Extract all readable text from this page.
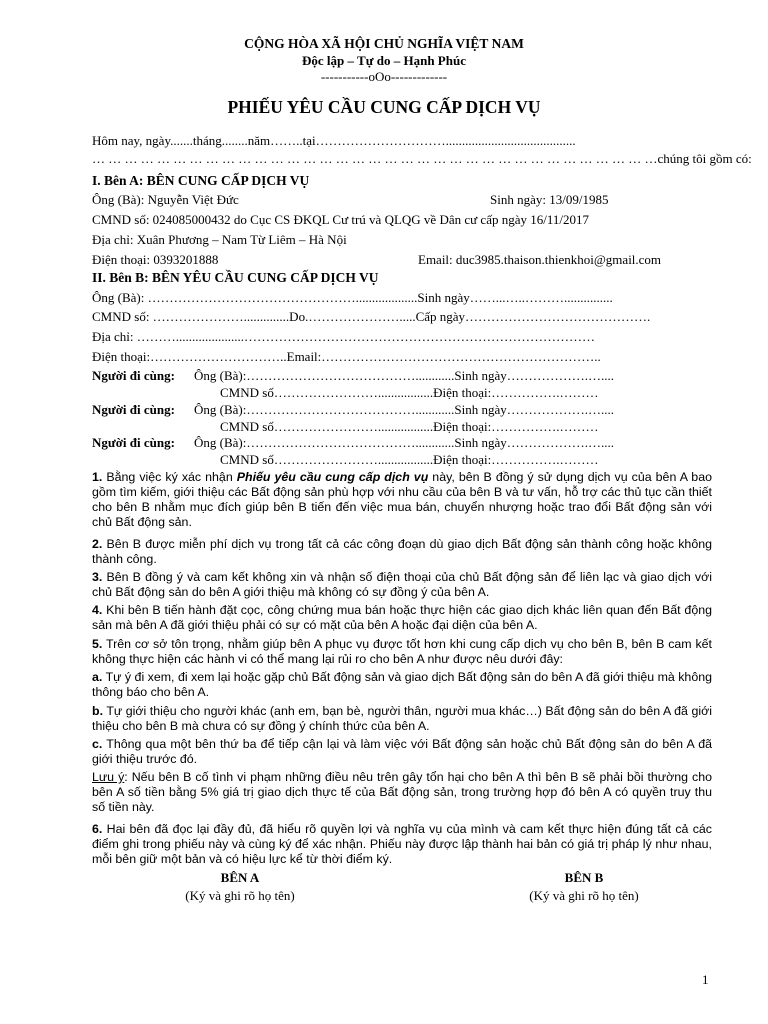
CỘNG HÒA XÃ HỘI CHỦ NGHĨA VIỆT NAM
Độc lập – Tự do – Hạnh Phúc
-----------oOo-------------
PHIẾU YÊU CẦU CUNG CẤP DỊCH VỤ
Hôm nay, ngày.......tháng........năm……..tại…………………………........................................
… … … … … … … … … … … … … … … … … … … … … … … … … … … … … … … … … … …chúng tôi gồm có:
I. Bên A: BÊN CUNG CẤP DỊCH VỤ
Ông (Bà): Nguyễn Việt Đức	Sinh ngày: 13/09/1985
CMND số: 024085000432 do Cục CS ĐKQL Cư trú và QLQG về Dân cư cấp ngày 16/11/2017
Địa chỉ: Xuân Phương – Nam Từ Liêm – Hà Nội
Điện thoại: 0393201888	Email: duc3985.thaison.thienkhoi@gmail.com
II. Bên B: BÊN YÊU CẦU CUNG CẤP DỊCH VỤ
Ông (Bà): …………………………………………...................Sinh ngày……...…..………...............
CMND số: …………………..............Do.………………….....Cấp ngày…………………………………….
Địa chỉ: ……….....................………………………………………………………………………
Điện thoại:…………………………..Email:………………………………………………………..
Người đi cùng: Ông (Bà):…………………………………............Sinh ngày……………….…....
CMND số…………………….................Điện thoại:…………….………
Người đi cùng: Ông (Bà):…………………………………............Sinh ngày……………….…....
CMND số…………………….................Điện thoại:…………….………
Người đi cùng: Ông (Bà):…………………………………............Sinh ngày……………….…....
CMND số…………………….................Điện thoại:…………….………
1. Bằng việc ký xác nhận Phiếu yêu cầu cung cấp dịch vụ này, bên B đồng ý sử dụng dịch vụ của bên A bao gồm tìm kiếm, giới thiệu các Bất động sản phù hợp với nhu cầu của bên B và tư vấn, hỗ trợ các thủ tục cần thiết cho bên B nhằm mục đích giúp bên B tiến đến việc mua bán, chuyển nhượng hoặc trao đổi Bất động sản với chủ Bất động sản.
2. Bên B được miễn phí dịch vụ trong tất cả các công đoạn dù giao dịch Bất động sản thành công hoặc không thành công.
3. Bên B đồng ý và cam kết không xin và nhận số điện thoại của chủ Bất động sản để liên lạc và giao dịch với chủ Bất động sản do bên A giới thiệu mà không có sự đồng ý của bên A.
4. Khi bên B tiến hành đặt cọc, công chứng mua bán hoặc thực hiện các giao dịch khác liên quan đến Bất động sản mà bên A đã giới thiệu phải có sự có mặt của bên A hoặc đại diện của bên A.
5. Trên cơ sở tôn trọng, nhằm giúp bên A phục vụ được tốt hơn khi cung cấp dịch vụ cho bên B, bên B cam kết không thực hiện các hành vi có thể mang lại rủi ro cho bên A như được nêu dưới đây:
a. Tự ý đi xem, đi xem lại hoặc gặp chủ Bất động sản và giao dịch Bất động sản do bên A đã giới thiệu mà không thông báo cho bên A.
b. Tự giới thiệu cho người khác (anh em, bạn bè, người thân, người mua khác…) Bất động sản do bên A đã giới thiệu cho bên B mà chưa có sự đồng ý chính thức của bên A.
c. Thông qua một bên thứ ba để tiếp cận lại và làm việc với Bất động sản hoặc chủ Bất động sản do bên A đã giới thiệu trước đó.
Lưu ý: Nếu bên B cố tình vi phạm những điều nêu trên gây tổn hại cho bên A thì bên B sẽ phải bồi thường cho bên A số tiền bằng 5% giá trị giao dịch thực tế của Bất động sản, trong trường hợp đó bên A có quyền truy thu số tiền này.
6. Hai bên đã đọc lại đầy đủ, đã hiểu rõ quyền lợi và nghĩa vụ của mình và cam kết thực hiện đúng tất cả các điểm ghi trong phiếu này và cùng ký để xác nhận. Phiếu này được lập thành hai bản có giá trị pháp lý như nhau, mỗi bên giữ một bản và có hiệu lực kể từ thời điểm ký.
BÊN A
(Ký và ghi rõ họ tên)
BÊN B
(Ký và ghi rõ họ tên)
1
